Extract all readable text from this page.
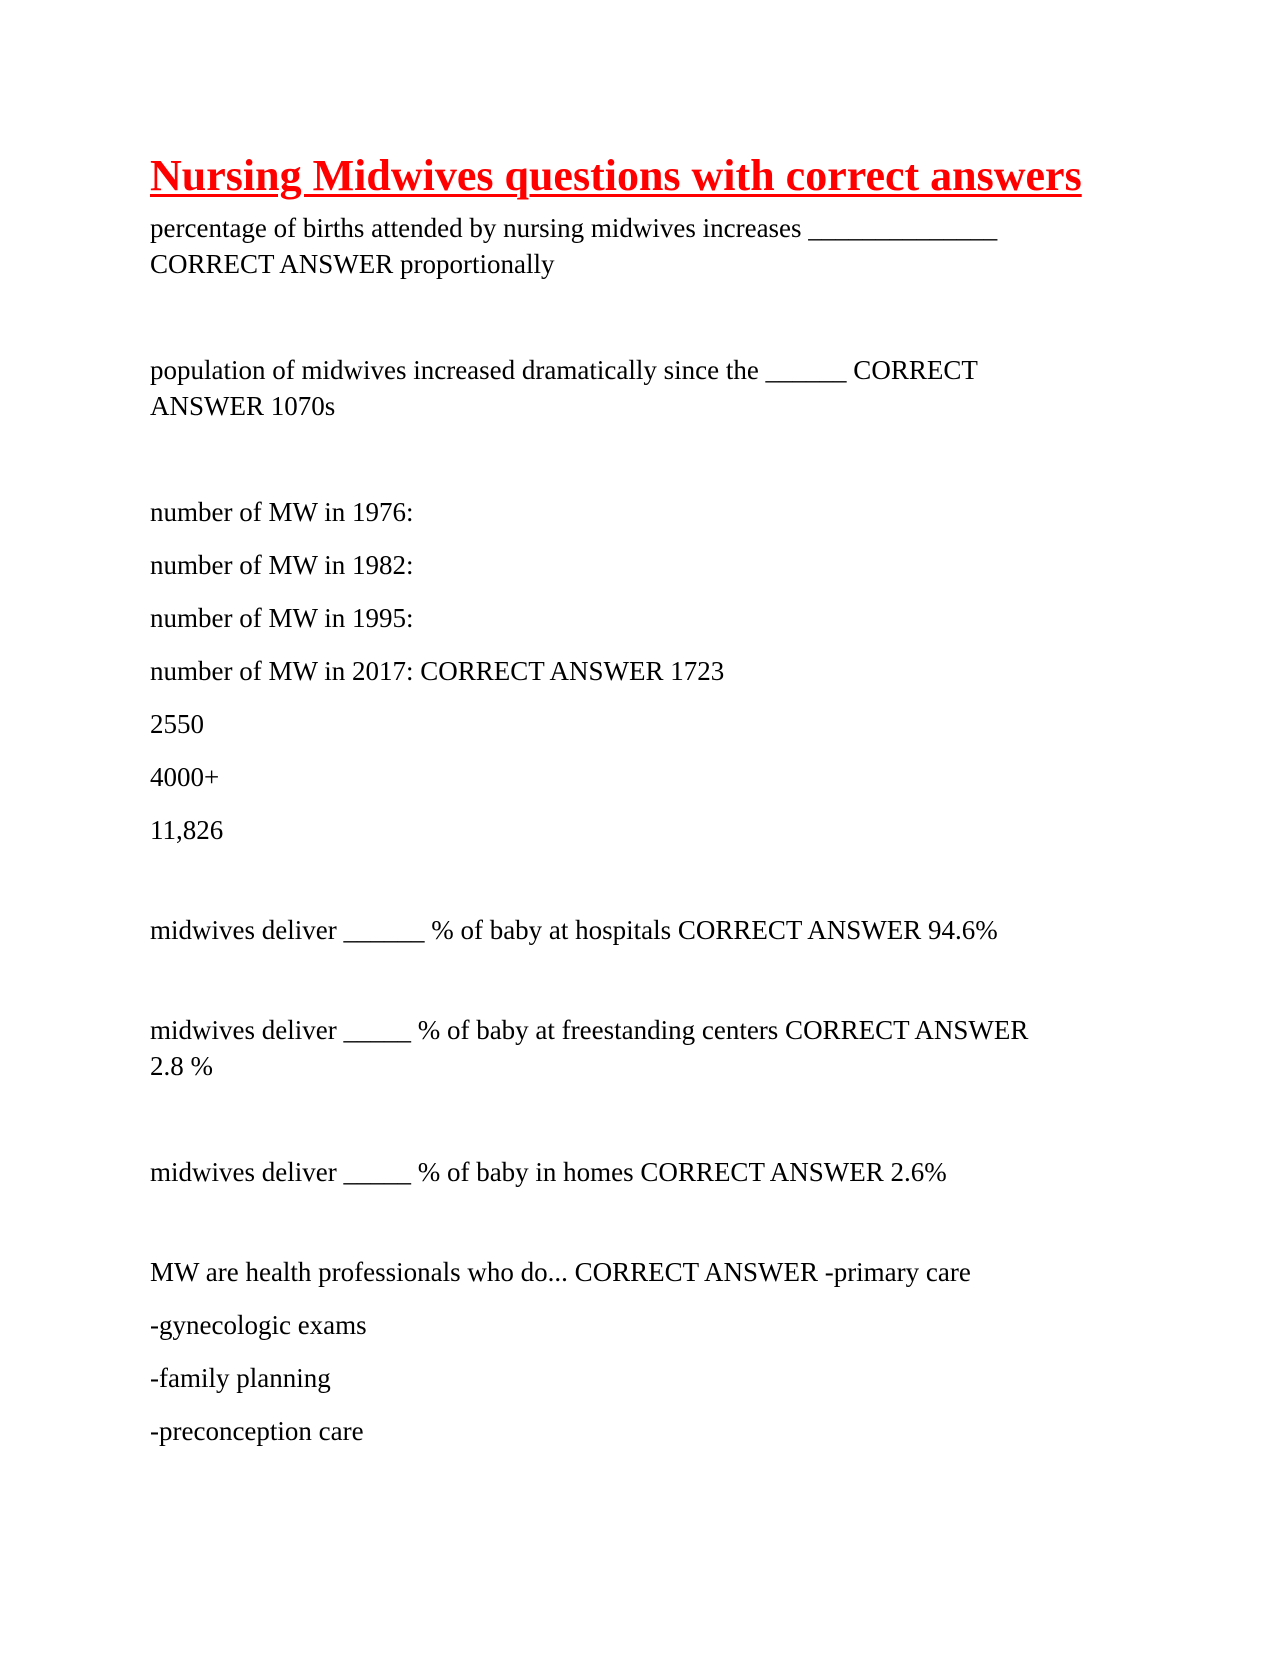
Nursing Midwives questions with correct answers

percentage of births attended by nursing midwives increases ______________

CORRECT ANSWER proportionally

population of midwives increased dramatically since the ______ CORRECT

ANSWER 1070s

number of MW in 1976:

number of MW in 1982:

number of MW in 1995:

number of MW in 2017: CORRECT ANSWER 1723

2550

4000+

11,826

midwives deliver ______ % of baby at hospitals CORRECT ANSWER 94.6%

midwives deliver _____ % of baby at freestanding centers CORRECT ANSWER

2.8 %

midwives deliver _____ % of baby in homes CORRECT ANSWER 2.6%

MW are health professionals who do... CORRECT ANSWER -primary care

-gynecologic exams

-family planning

-preconception care
